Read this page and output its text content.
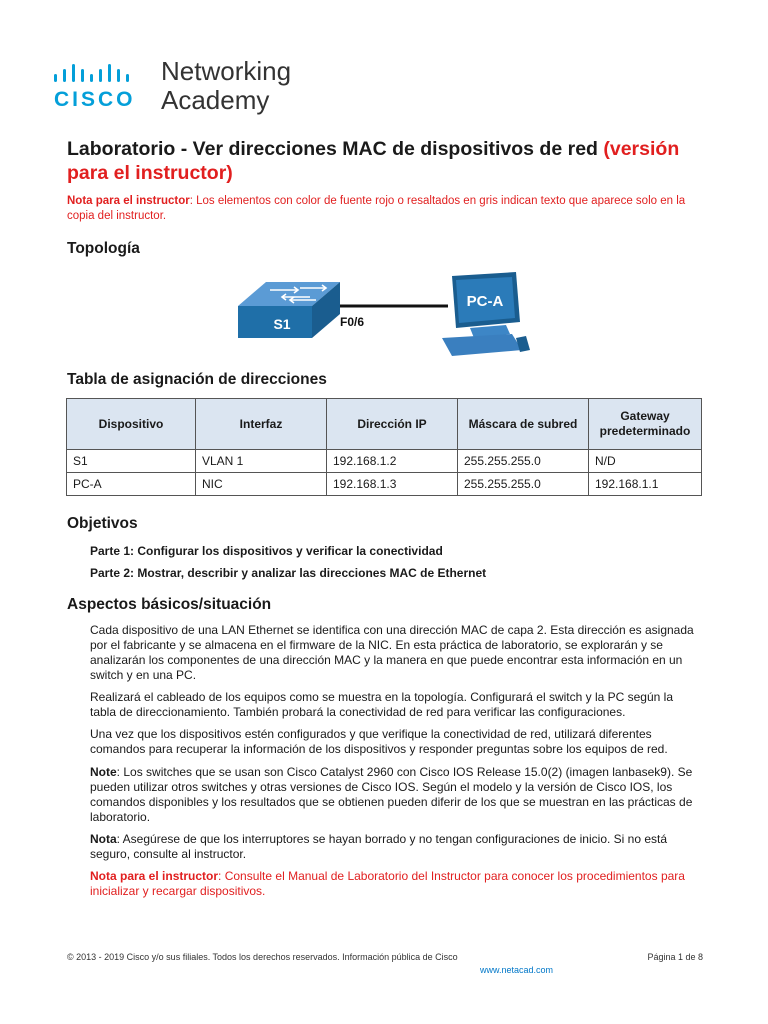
CISCO
Networking
Academy
Laboratorio - Ver direcciones MAC de dispositivos de red (versión para el instructor)
Nota para el instructor: Los elementos con color de fuente rojo o resaltados en gris indican texto que aparece solo en la copia del instructor.
Topología
S1	F0/6
PC-A
Tabla de asignación de direcciones
Dispositivo	Interfaz	Dirección IP	Máscara de subred	Gateway predeterminado
S1	VLAN 1	192.168.1.2	255.255.255.0	N/D
PC-A	NIC	192.168.1.3	255.255.255.0	192.168.1.1
Objetivos
Parte 1: Configurar los dispositivos y verificar la conectividad
Parte 2: Mostrar, describir y analizar las direcciones MAC de Ethernet
Aspectos básicos/situación
Cada dispositivo de una LAN Ethernet se identifica con una dirección MAC de capa 2. Esta dirección es asignada por el fabricante y se almacena en el firmware de la NIC. En esta práctica de laboratorio, se explorarán y se analizarán los componentes de una dirección MAC y la manera en que puede encontrar esta información en un switch y en una PC.
Realizará el cableado de los equipos como se muestra en la topología. Configurará el switch y la PC según la tabla de direccionamiento. También probará la conectividad de red para verificar las configuraciones.
Una vez que los dispositivos estén configurados y que verifique la conectividad de red, utilizará diferentes comandos para recuperar la información de los dispositivos y responder preguntas sobre los equipos de red.
Note: Los switches que se usan son Cisco Catalyst 2960 con Cisco IOS Release 15.0(2) (imagen lanbasek9). Se pueden utilizar otros switches y otras versiones de Cisco IOS. Según el modelo y la versión de Cisco IOS, los comandos disponibles y los resultados que se obtienen pueden diferir de los que se muestran en las prácticas de laboratorio.
Nota: Asegúrese de que los interruptores se hayan borrado y no tengan configuraciones de inicio. Si no está seguro, consulte al instructor.
Nota para el instructor: Consulte el Manual de Laboratorio del Instructor para conocer los procedimientos para inicializar y recargar dispositivos.
© 2013 - 2019 Cisco y/o sus filiales. Todos los derechos reservados. Información pública de Cisco	Página 1 de 8
www.netacad.com
